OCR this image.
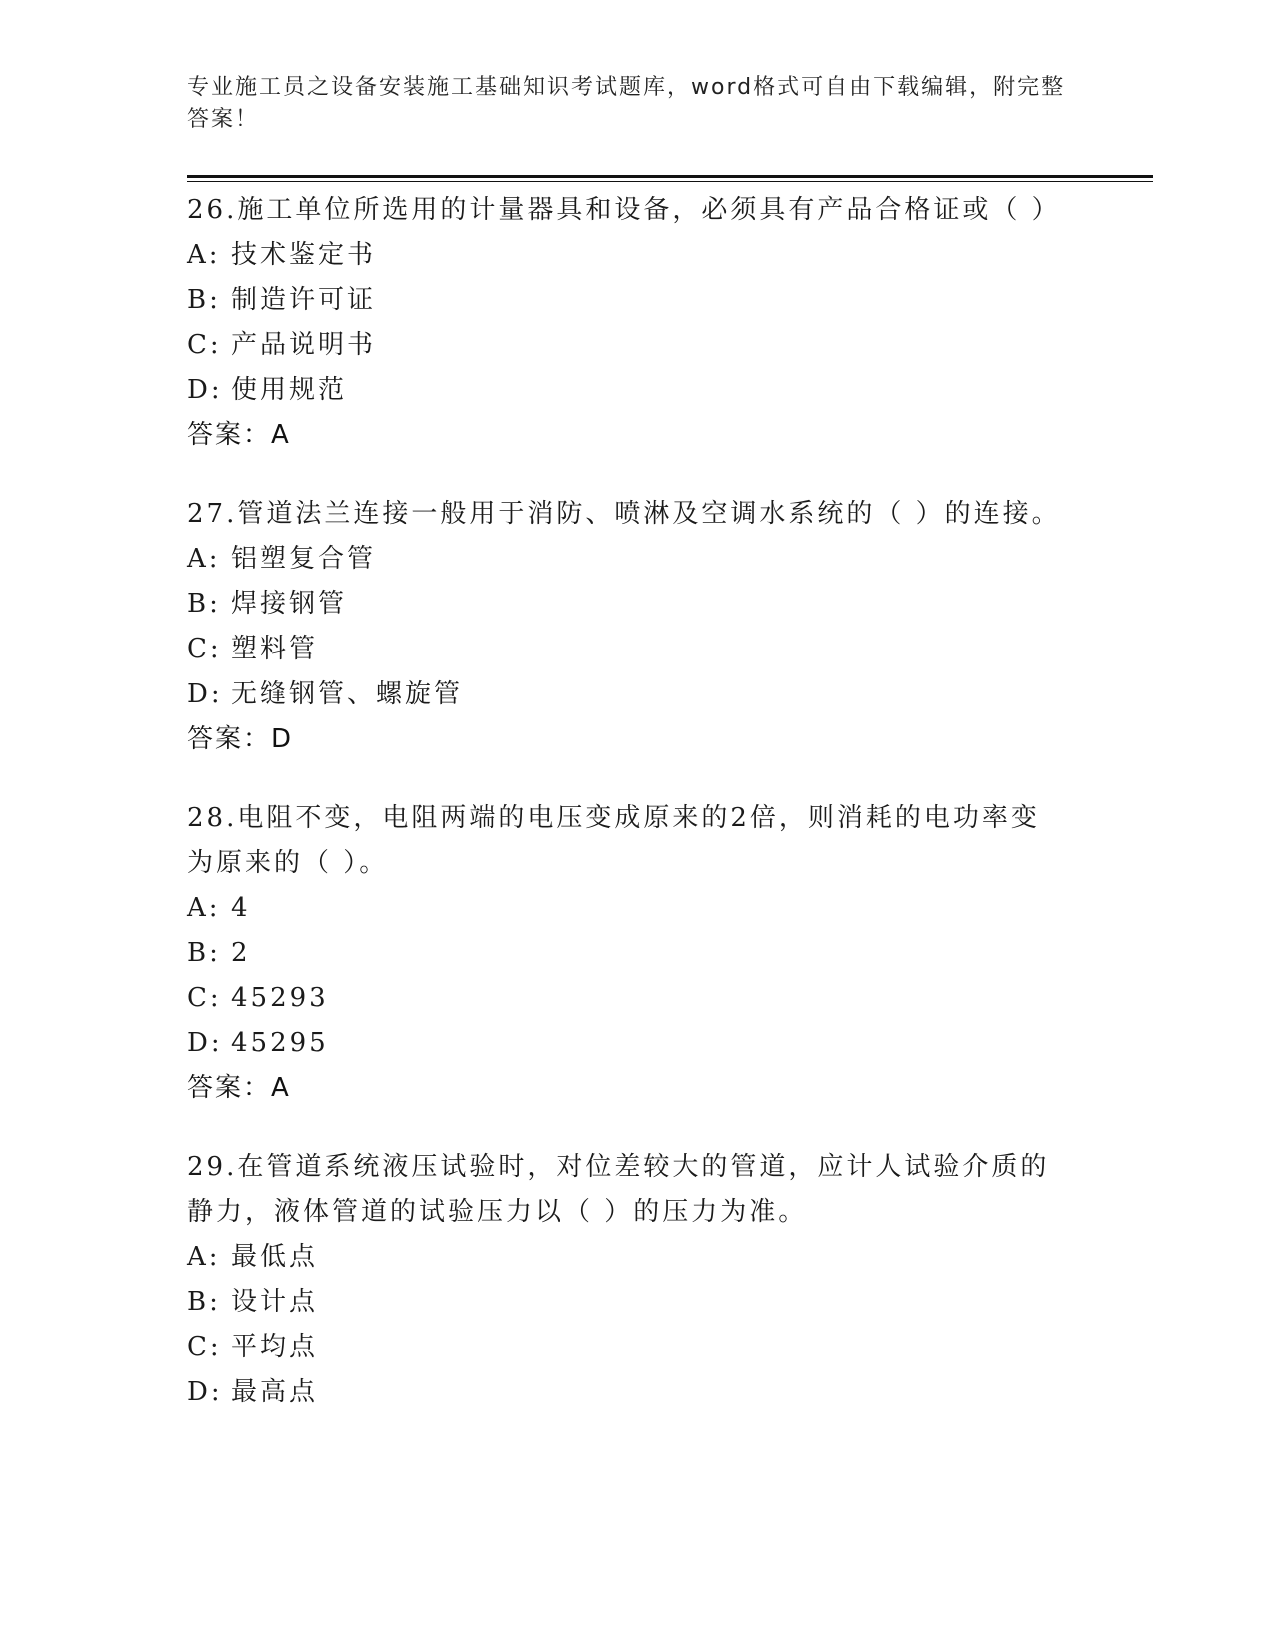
专业施工员之设备安装施工基础知识考试题库，word格式可自由下载编辑，附完整答案！
26.施工单位所选用的计量器具和设备，必须具有产品合格证或（ ）
A: 技术鉴定书
B: 制造许可证
C: 产品说明书
D: 使用规范
答案：A
27.管道法兰连接一般用于消防、喷淋及空调水系统的（ ）的连接。
A: 铝塑复合管
B: 焊接钢管
C: 塑料管
D: 无缝钢管、螺旋管
答案：D
28.电阻不变，电阻两端的电压变成原来的2倍，则消耗的电功率变为原来的（ ）。
A: 4
B: 2
C: 45293
D: 45295
答案：A
29.在管道系统液压试验时，对位差较大的管道，应计人试验介质的静力，液体管道的试验压力以（ ）的压力为准。
A: 最低点
B: 设计点
C: 平均点
D: 最高点
